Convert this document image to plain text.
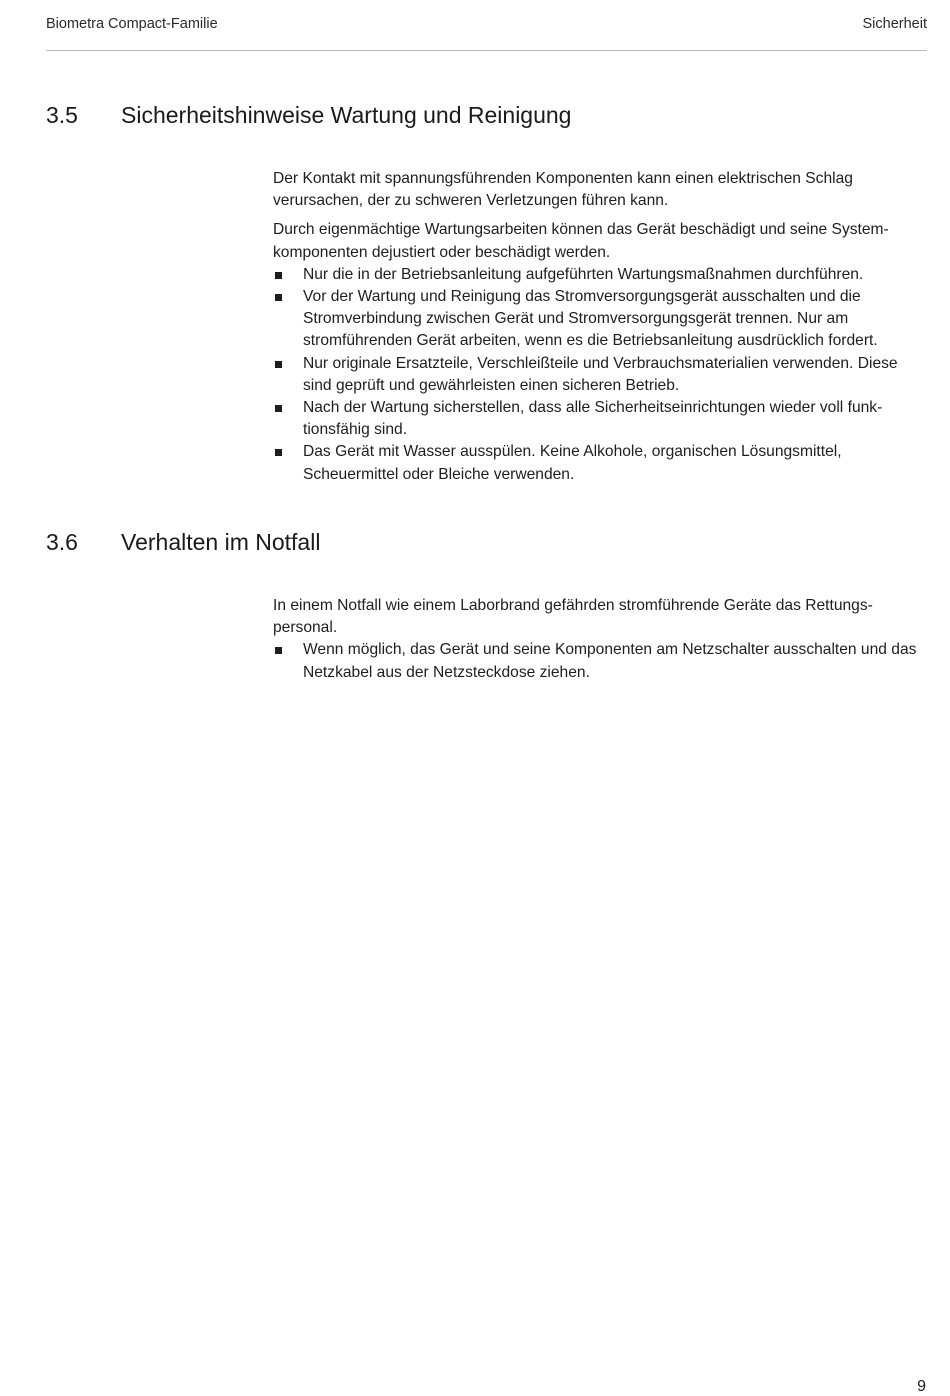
Biometra Compact-Familie	Sicherheit
3.5 Sicherheitshinweise Wartung und Reinigung

Der Kontakt mit spannungsführenden Komponenten kann einen elektrischen Schlag verursachen, der zu schweren Verletzungen führen kann.

Durch eigenmächtige Wartungsarbeiten können das Gerät beschädigt und seine Systemkomponenten dejustiert oder beschädigt werden.

Nur die in der Betriebsanleitung aufgeführten Wartungsmaßnahmen durchführen.
Vor der Wartung und Reinigung das Stromversorgungsgerät ausschalten und die Stromverbindung zwischen Gerät und Stromversorgungsgerät trennen. Nur am stromführenden Gerät arbeiten, wenn es die Betriebsanleitung ausdrücklich fordert.
Nur originale Ersatzteile, Verschleißteile und Verbrauchsmaterialien verwenden. Diese sind geprüft und gewährleisten einen sicheren Betrieb.
Nach der Wartung sicherstellen, dass alle Sicherheitseinrichtungen wieder voll funktionsfähig sind.
Das Gerät mit Wasser ausspülen. Keine Alkohole, organischen Lösungsmittel, Scheuermittel oder Bleiche verwenden.
3.6 Verhalten im Notfall

In einem Notfall wie einem Laborbrand gefährden stromführende Geräte das Rettungspersonal.

Wenn möglich, das Gerät und seine Komponenten am Netzschalter ausschalten und das Netzkabel aus der Netzsteckdose ziehen.
9
